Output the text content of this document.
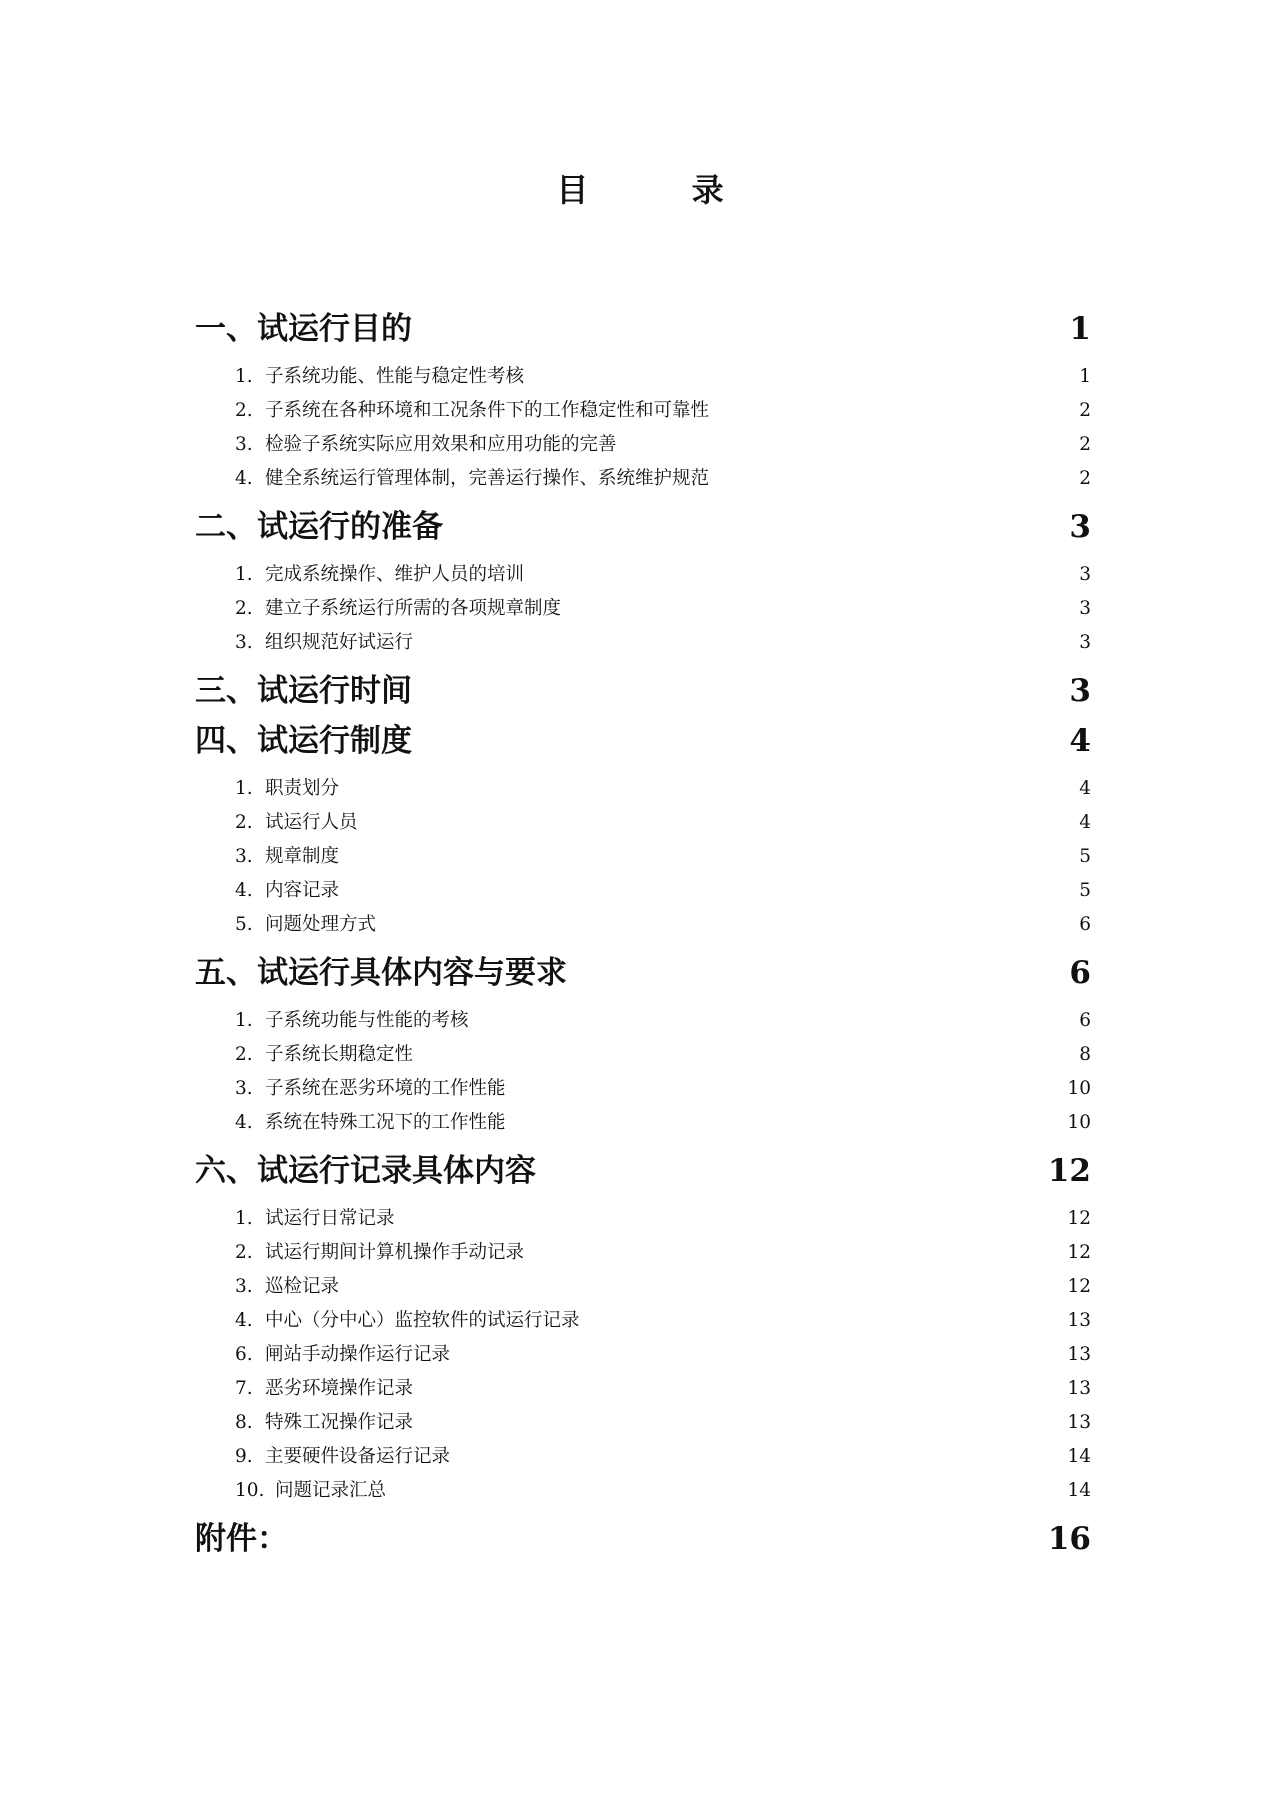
目 录
一、试运行目的	1
1. 子系统功能、性能与稳定性考核	1
2. 子系统在各种环境和工况条件下的工作稳定性和可靠性	2
3. 检验子系统实际应用效果和应用功能的完善	2
4. 健全系统运行管理体制，完善运行操作、系统维护规范	2
二、试运行的准备	3
1. 完成系统操作、维护人员的培训	3
2. 建立子系统运行所需的各项规章制度	3
3. 组织规范好试运行	3
三、试运行时间	3
四、试运行制度	4
1. 职责划分	4
2. 试运行人员	4
3. 规章制度	5
4. 内容记录	5
5. 问题处理方式	6
五、试运行具体内容与要求	6
1. 子系统功能与性能的考核	6
2. 子系统长期稳定性	8
3. 子系统在恶劣环境的工作性能	10
4. 系统在特殊工况下的工作性能	10
六、试运行记录具体内容	12
1. 试运行日常记录	12
2. 试运行期间计算机操作手动记录	12
3. 巡检记录	12
4. 中心（分中心）监控软件的试运行记录	13
6. 闸站手动操作运行记录	13
7. 恶劣环境操作记录	13
8. 特殊工况操作记录	13
9. 主要硬件设备运行记录	14
10. 问题记录汇总	14
附件：	16
